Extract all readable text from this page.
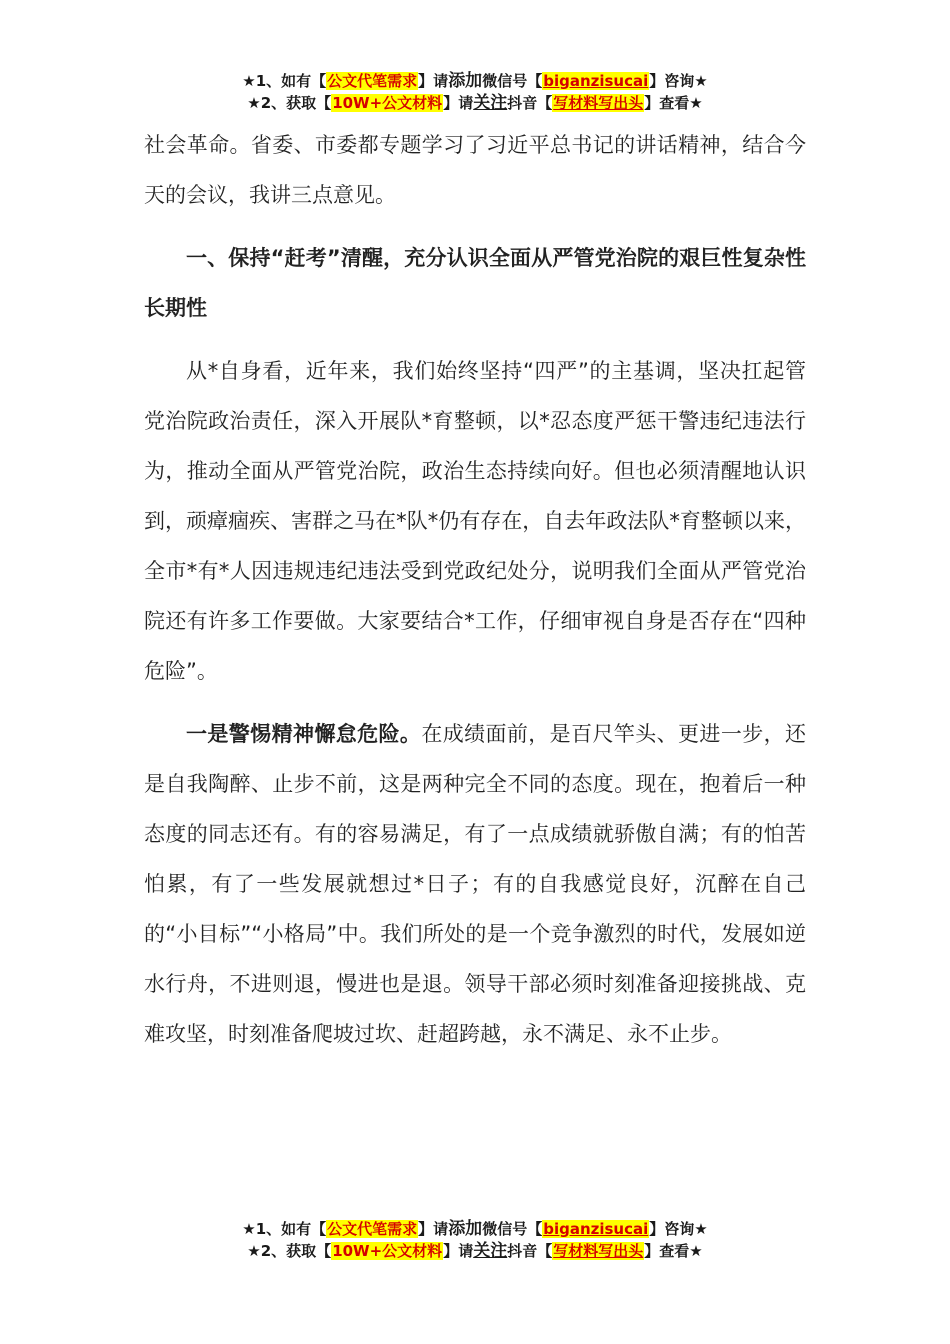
★1、如有【公文代笔需求】请添加微信号【biganzisucai】咨询★
★2、获取【10W+公文材料】请关注抖音【写材料写出头】查看★

社会革命。省委、市委都专题学习了习近平总书记的讲话精神，结合今天的会议，我讲三点意见。

一、保持“赶考”清醒，充分认识全面从严管党治院的艰巨性复杂性长期性

从*自身看，近年来，我们始终坚持“四严”的主基调，坚决扛起管党治院政治责任，深入开展队*育整顿，以*忍态度严惩干警违纪违法行为，推动全面从严管党治院，政治生态持续向好。但也必须清醒地认识到，顽瘴痼疾、害群之马在*队*仍有存在，自去年政法队*育整顿以来，全市*有*人因违规违纪违法受到党政纪处分，说明我们全面从严管党治院还有许多工作要做。大家要结合*工作，仔细审视自身是否存在“四种危险”。

一是警惕精神懈怠危险。在成绩面前，是百尺竿头、更进一步，还是自我陶醉、止步不前，这是两种完全不同的态度。现在，抱着后一种态度的同志还有。有的容易满足，有了一点成绩就骄傲自满；有的怕苦怕累，有了一些发展就想过*日子；有的自我感觉良好，沉醉在自己的“小目标”“小格局”中。我们所处的是一个竞争激烈的时代，发展如逆水行舟，不进则退，慢进也是退。领导干部必须时刻准备迎接挑战、克难攻坚，时刻准备爬坡过坎、赶超跨越，永不满足、永不止步。

★1、如有【公文代笔需求】请添加微信号【biganzisucai】咨询★
★2、获取【10W+公文材料】请关注抖音【写材料写出头】查看★
